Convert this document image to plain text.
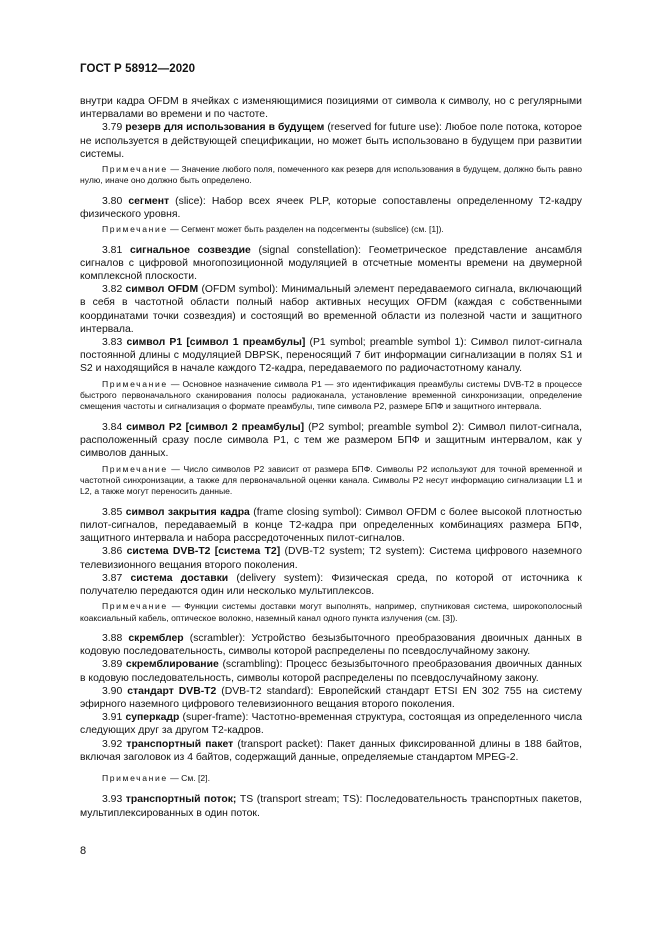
ГОСТ Р 58912—2020

внутри кадра OFDM в ячейках с изменяющимися позициями от символа к символу, но с регулярными интервалами во времени и по частоте.

3.79 резерв для использования в будущем (reserved for future use): Любое поле потока, которое не используется в действующей спецификации, но может быть использовано в будущем при развитии системы.

Примечание — Значение любого поля, помеченного как резерв для использования в будущем, должно быть равно нулю, иначе оно должно быть определено.

3.80 сегмент (slice): Набор всех ячеек PLP, которые сопоставлены определенному Т2-кадру физического уровня.

Примечание — Сегмент может быть разделен на подсегменты (subslice) (см. [1]).

3.81 сигнальное созвездие (signal constellation): Геометрическое представление ансамбля сигналов с цифровой многопозиционной модуляцией в отсчетные моменты времени на двумерной комплексной плоскости.

3.82 символ OFDM (OFDM symbol): Минимальный элемент передаваемого сигнала, включающий в себя в частотной области полный набор активных несущих OFDM (каждая с собственными координатами точки созвездия) и состоящий во временной области из полезной части и защитного интервала.

3.83 символ Р1 [символ 1 преамбулы] (P1 symbol; preamble symbol 1): Символ пилот-сигнала постоянной длины с модуляцией DBPSK, переносящий 7 бит информации сигнализации в полях S1 и S2 и находящийся в начале каждого Т2-кадра, передаваемого по радиочастотному каналу.

Примечание — Основное назначение символа Р1 — это идентификация преамбулы системы DVB-T2 в процессе быстрого первоначального сканирования полосы радиоканала, установление временной синхронизации, определение смещения частоты и сигнализация о формате преамбулы, типе символа Р2, размере БПФ и защитного интервала.

3.84 символ Р2 [символ 2 преамбулы] (P2 symbol; preamble symbol 2): Символ пилот-сигнала, расположенный сразу после символа Р1, с тем же размером БПФ и защитным интервалом, как у символов данных.

Примечание — Число символов Р2 зависит от размера БПФ. Символы Р2 используют для точной временной и частотной синхронизации, а также для первоначальной оценки канала. Символы Р2 несут информацию сигнализации L1 и L2, а также могут переносить данные.

3.85 символ закрытия кадра (frame closing symbol): Символ OFDM с более высокой плотностью пилот-сигналов, передаваемый в конце Т2-кадра при определенных комбинациях размера БПФ, защитного интервала и набора рассредоточенных пилот-сигналов.

3.86 система DVB-T2 [система Т2] (DVB-T2 system; T2 system): Система цифрового наземного телевизионного вещания второго поколения.

3.87 система доставки (delivery system): Физическая среда, по которой от источника к получателю передаются один или несколько мультиплексов.

Примечание — Функции системы доставки могут выполнять, например, спутниковая система, широкополосный коаксиальный кабель, оптическое волокно, наземный канал одного пункта излучения (см. [3]).

3.88 скремблер (scrambler): Устройство безызбыточного преобразования двоичных данных в кодовую последовательность, символы которой распределены по псевдослучайному закону.

3.89 скремблирование (scrambling): Процесс безызбыточного преобразования двоичных данных в кодовую последовательность, символы которой распределены по псевдослучайному закону.

3.90 стандарт DVB-T2 (DVB-T2 standard): Европейский стандарт ETSI EN 302 755 на систему эфирного наземного цифрового телевизионного вещания второго поколения.

3.91 суперкадр (super-frame): Частотно-временная структура, состоящая из определенного числа следующих друг за другом Т2-кадров.

3.92 транспортный пакет (transport packet): Пакет данных фиксированной длины в 188 байтов, включая заголовок из 4 байтов, содержащий данные, определяемые стандартом MPEG-2.

Примечание — См. [2].

3.93 транспортный поток; TS (transport stream; TS): Последовательность транспортных пакетов, мультиплексированных в один поток.

8
